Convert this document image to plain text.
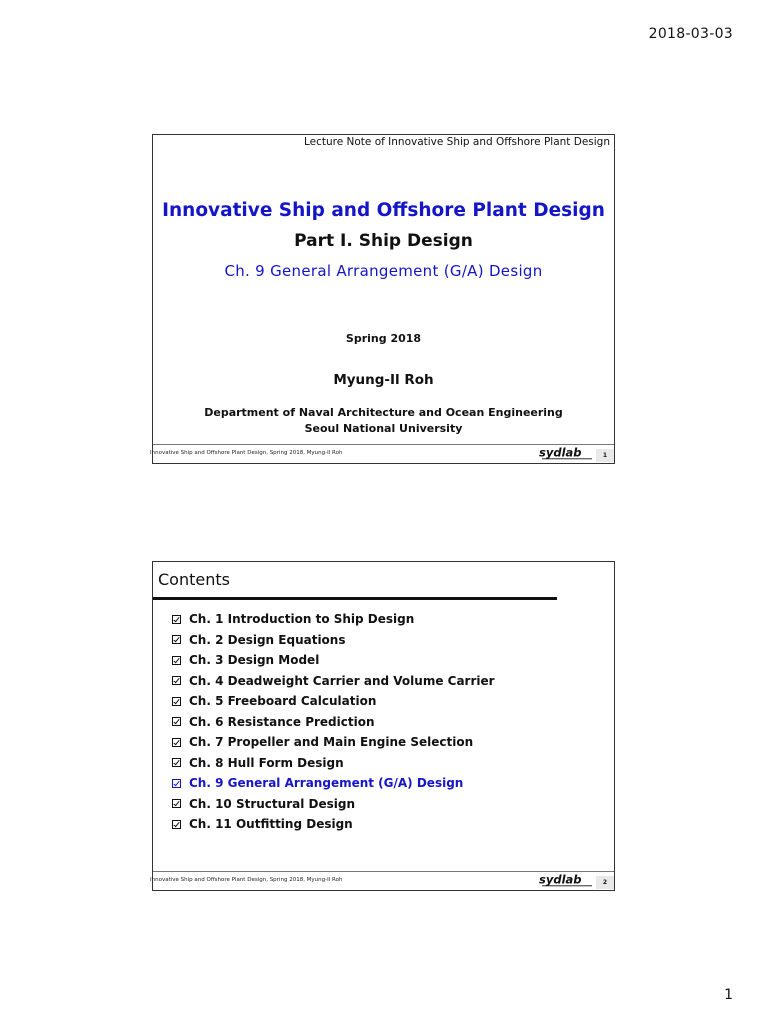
2018-03-03
Lecture Note of Innovative Ship and Offshore Plant Design
Innovative Ship and Offshore Plant Design
Part I. Ship Design
Ch. 9 General Arrangement (G/A) Design
Spring 2018
Myung-Il Roh
Department of Naval Architecture and Ocean Engineering
Seoul National University
Innovative Ship and Offshore Plant Design, Spring 2018, Myung-Il Roh	sydlab	1
Contents
Ch. 1 Introduction to Ship Design
Ch. 2 Design Equations
Ch. 3 Design Model
Ch. 4 Deadweight Carrier and Volume Carrier
Ch. 5 Freeboard Calculation
Ch. 6 Resistance Prediction
Ch. 7 Propeller and Main Engine Selection
Ch. 8 Hull Form Design
Ch. 9 General Arrangement (G/A) Design
Ch. 10 Structural Design
Ch. 11 Outfitting Design
Innovative Ship and Offshore Plant Design, Spring 2018, Myung-Il Roh	sydlab	2
1
